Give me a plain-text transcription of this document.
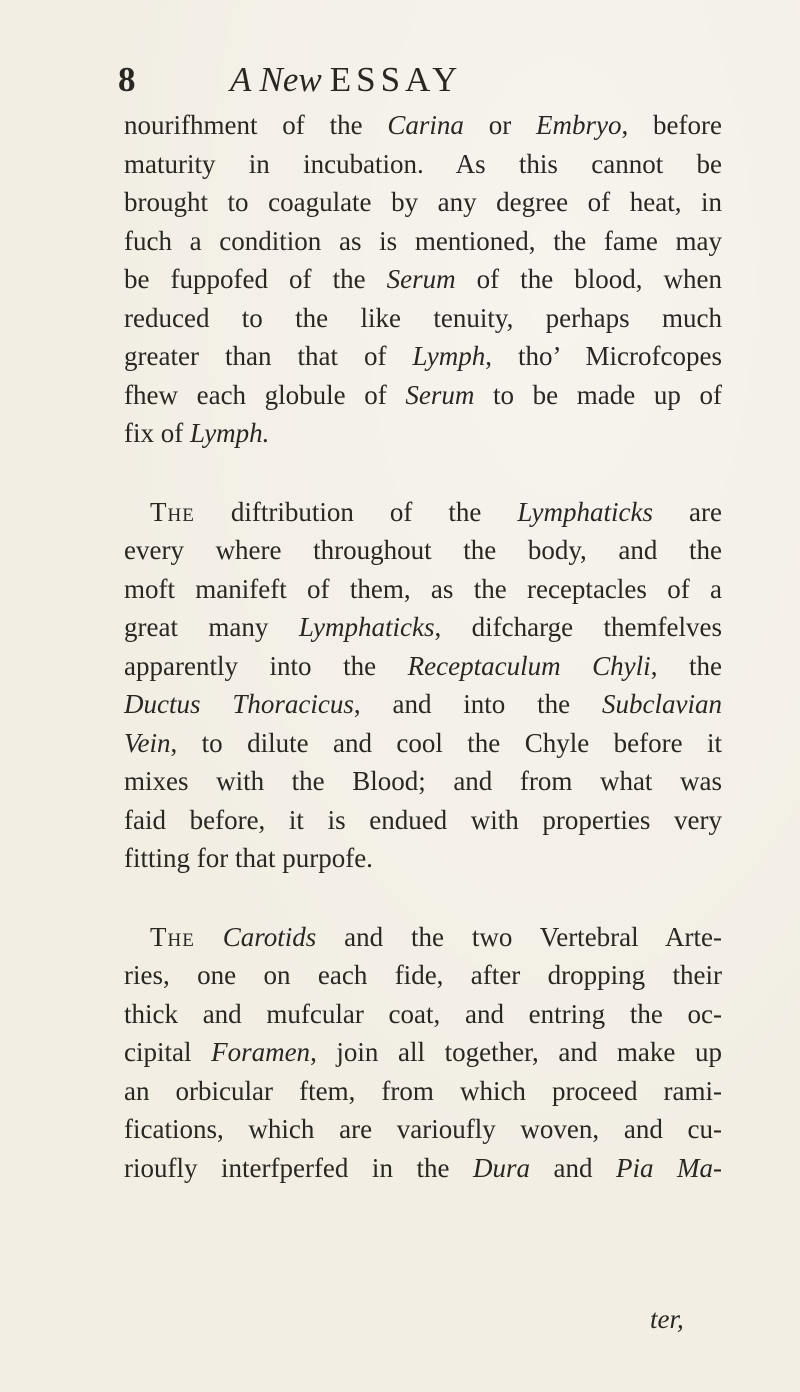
8	A New ESSAY
nourifhment of the Carina or Embryo, before
maturity in incubation. As this cannot be
brought to coagulate by any degree of heat, in
fuch a condition as is mentioned, the fame may
be fuppofed of the Serum of the blood, when
reduced to the like tenuity, perhaps much
greater than that of Lymph, tho’ Microfcopes
fhew each globule of Serum to be made up of
fix of Lymph.
The diftribution of the Lymphaticks are
every where throughout the body, and the
moft manifeft of them, as the receptacles of a
great many Lymphaticks, difcharge themfelves
apparently into the Receptaculum Chyli, the
Ductus Thoracicus, and into the Subclavian
Vein, to dilute and cool the Chyle before it
mixes with the Blood; and from what was
faid before, it is endued with properties very
fitting for that purpofe.
The Carotids and the two Vertebral Arte-
ries, one on each fide, after dropping their
thick and mufcular coat, and entring the oc-
cipital Foramen, join all together, and make up
an orbicular ftem, from which proceed rami-
fications, which are varioufly woven, and cu-
rioufly interfperfed in the Dura and Pia Ma-
ter,
